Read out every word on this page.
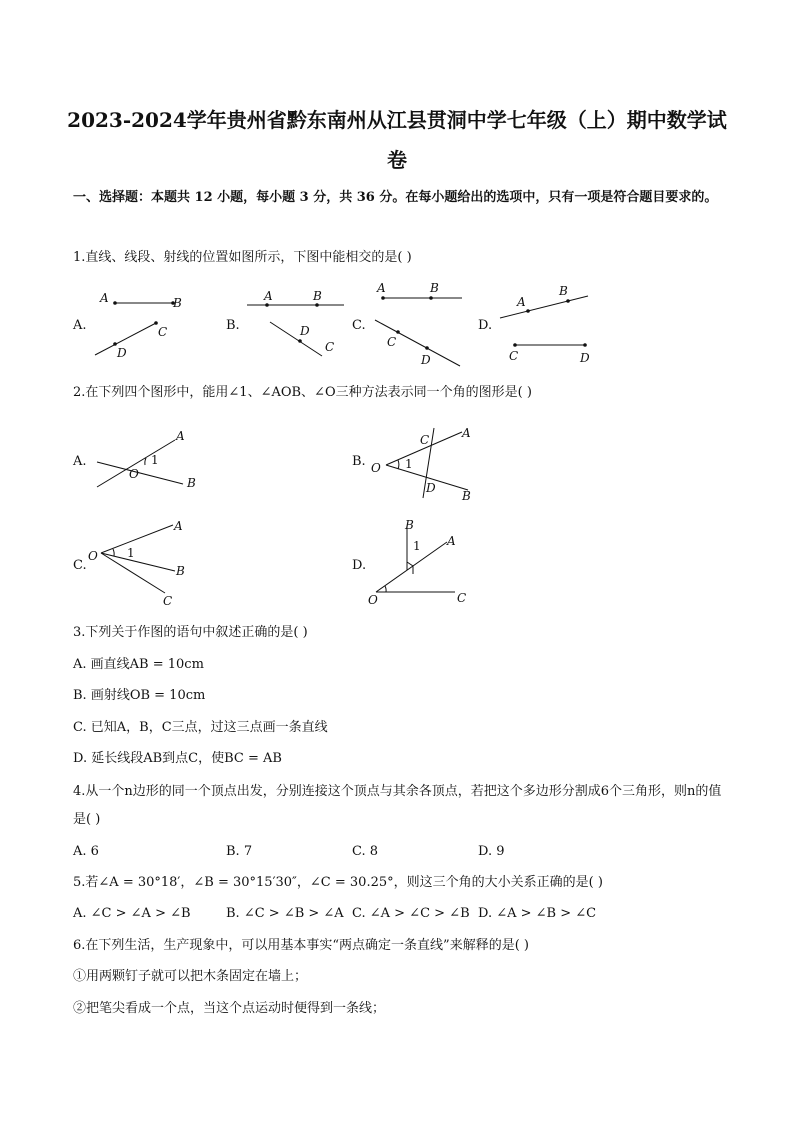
2023-2024学年贵州省黔东南州从江县贯洞中学七年级（上）期中数学试卷
一、选择题：本题共 12 小题，每小题 3 分，共 36 分。在每小题给出的选项中，只有一项是符合题目要求的。
1.直线、线段、射线的位置如图所示，下图中能相交的是( )
A.
A	B
D
C	B.
A	B
D
C
C.
A	B
C
D
D.
A
B
C	D
2.在下列四个图形中，能用∠1、∠AOB、∠O三种方法表示同一个角的图形是( )
A.
O
A
B
1	B. O 1
C	A
D
B
C.
O 1
A
B
C
D.
B
1 A
O	C
3.下列关于作图的语句中叙述正确的是( )
A. 画直线AB = 10cm
B. 画射线OB = 10cm
C. 已知A，B，C三点，过这三点画一条直线
D. 延长线段AB到点C，使BC = AB
4.从一个n边形的同一个顶点出发，分别连接这个顶点与其余各顶点，若把这个多边形分割成6个三角形，则n的值是( )
A. 6	B. 7	C. 8	D. 9
5.若∠A = 30°18′，∠B = 30°15′30″，∠C = 30.25°，则这三个角的大小关系正确的是( )
A. ∠C > ∠A > ∠B	B. ∠C > ∠B > ∠A C. ∠A > ∠C > ∠B D. ∠A > ∠B > ∠C
6.在下列生活，生产现象中，可以用基本事实“两点确定一条直线”来解释的是( )
①用两颗钉子就可以把木条固定在墙上；
②把笔尖看成一个点，当这个点运动时便得到一条线；
